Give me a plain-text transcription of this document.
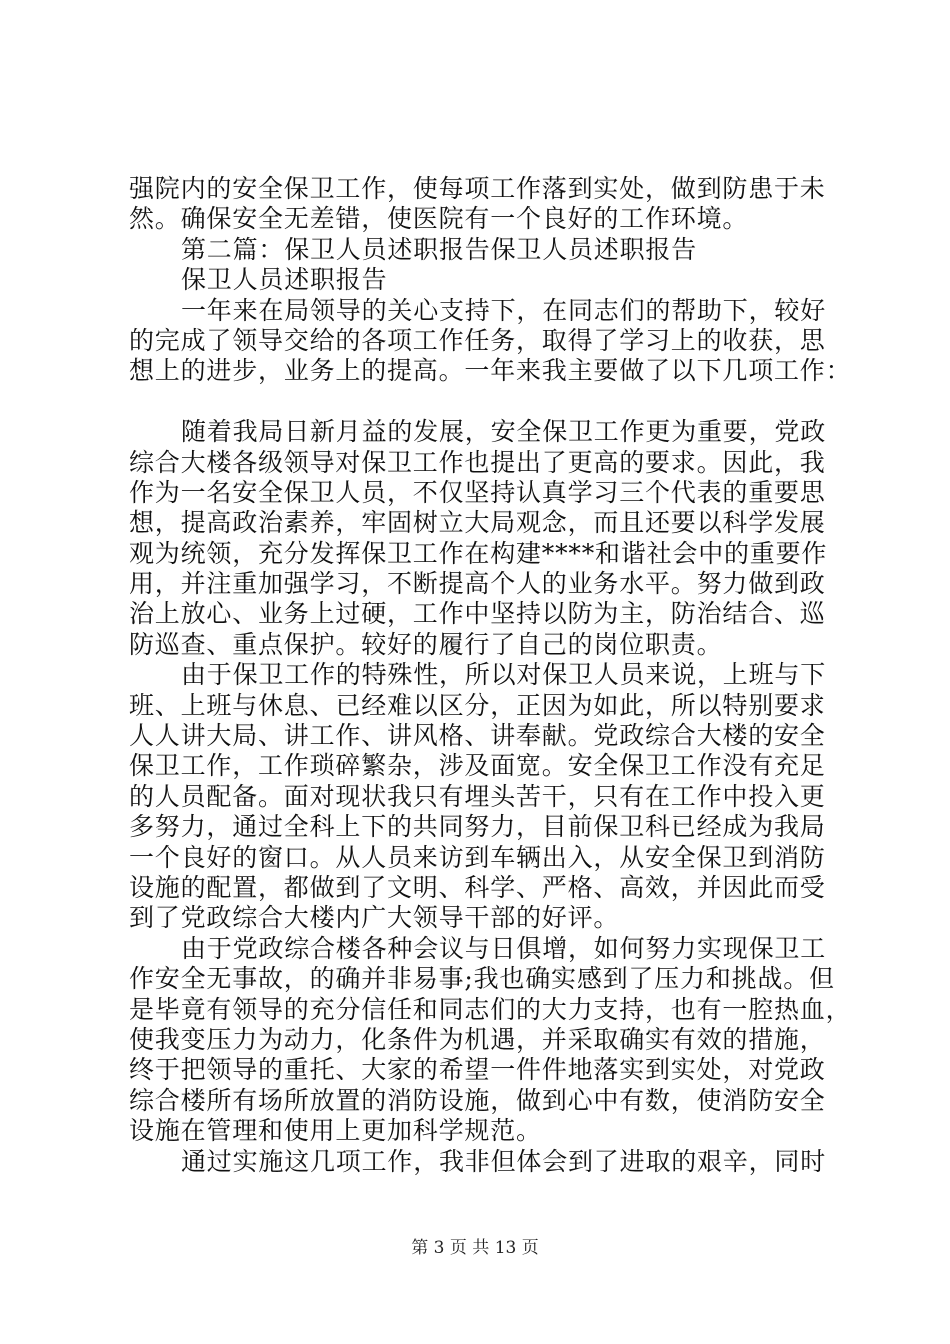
强院内的安全保卫工作，使每项工作落到实处，做到防患于未
然。确保安全无差错，使医院有一个良好的工作环境。
第二篇：保卫人员述职报告保卫人员述职报告
保卫人员述职报告
一年来在局领导的关心支持下，在同志们的帮助下，较好
的完成了领导交给的各项工作任务，取得了学习上的收获，思
想上的进步，业务上的提高。一年来我主要做了以下几项工作：
随着我局日新月益的发展，安全保卫工作更为重要，党政
综合大楼各级领导对保卫工作也提出了更高的要求。因此，我
作为一名安全保卫人员，不仅坚持认真学习三个代表的重要思
想，提高政治素养，牢固树立大局观念，而且还要以科学发展
观为统领，充分发挥保卫工作在构建****和谐社会中的重要作
用，并注重加强学习，不断提高个人的业务水平。努力做到政
治上放心、业务上过硬，工作中坚持以防为主，防治结合、巡
防巡查、重点保护。较好的履行了自己的岗位职责。
由于保卫工作的特殊性，所以对保卫人员来说，上班与下
班、上班与休息、已经难以区分，正因为如此，所以特别要求
人人讲大局、讲工作、讲风格、讲奉献。党政综合大楼的安全
保卫工作，工作琐碎繁杂，涉及面宽。安全保卫工作没有充足
的人员配备。面对现状我只有埋头苦干，只有在工作中投入更
多努力，通过全科上下的共同努力，目前保卫科已经成为我局
一个良好的窗口。从人员来访到车辆出入，从安全保卫到消防
设施的配置，都做到了文明、科学、严格、高效，并因此而受
到了党政综合大楼内广大领导干部的好评。
由于党政综合楼各种会议与日俱增，如何努力实现保卫工
作安全无事故，的确并非易事;我也确实感到了压力和挑战。但
是毕竟有领导的充分信任和同志们的大力支持，也有一腔热血，
使我变压力为动力，化条件为机遇，并采取确实有效的措施，
终于把领导的重托、大家的希望一件件地落实到实处，对党政
综合楼所有场所放置的消防设施，做到心中有数，使消防安全
设施在管理和使用上更加科学规范。
通过实施这几项工作，我非但体会到了进取的艰辛，同时
第 3 页 共 13 页
